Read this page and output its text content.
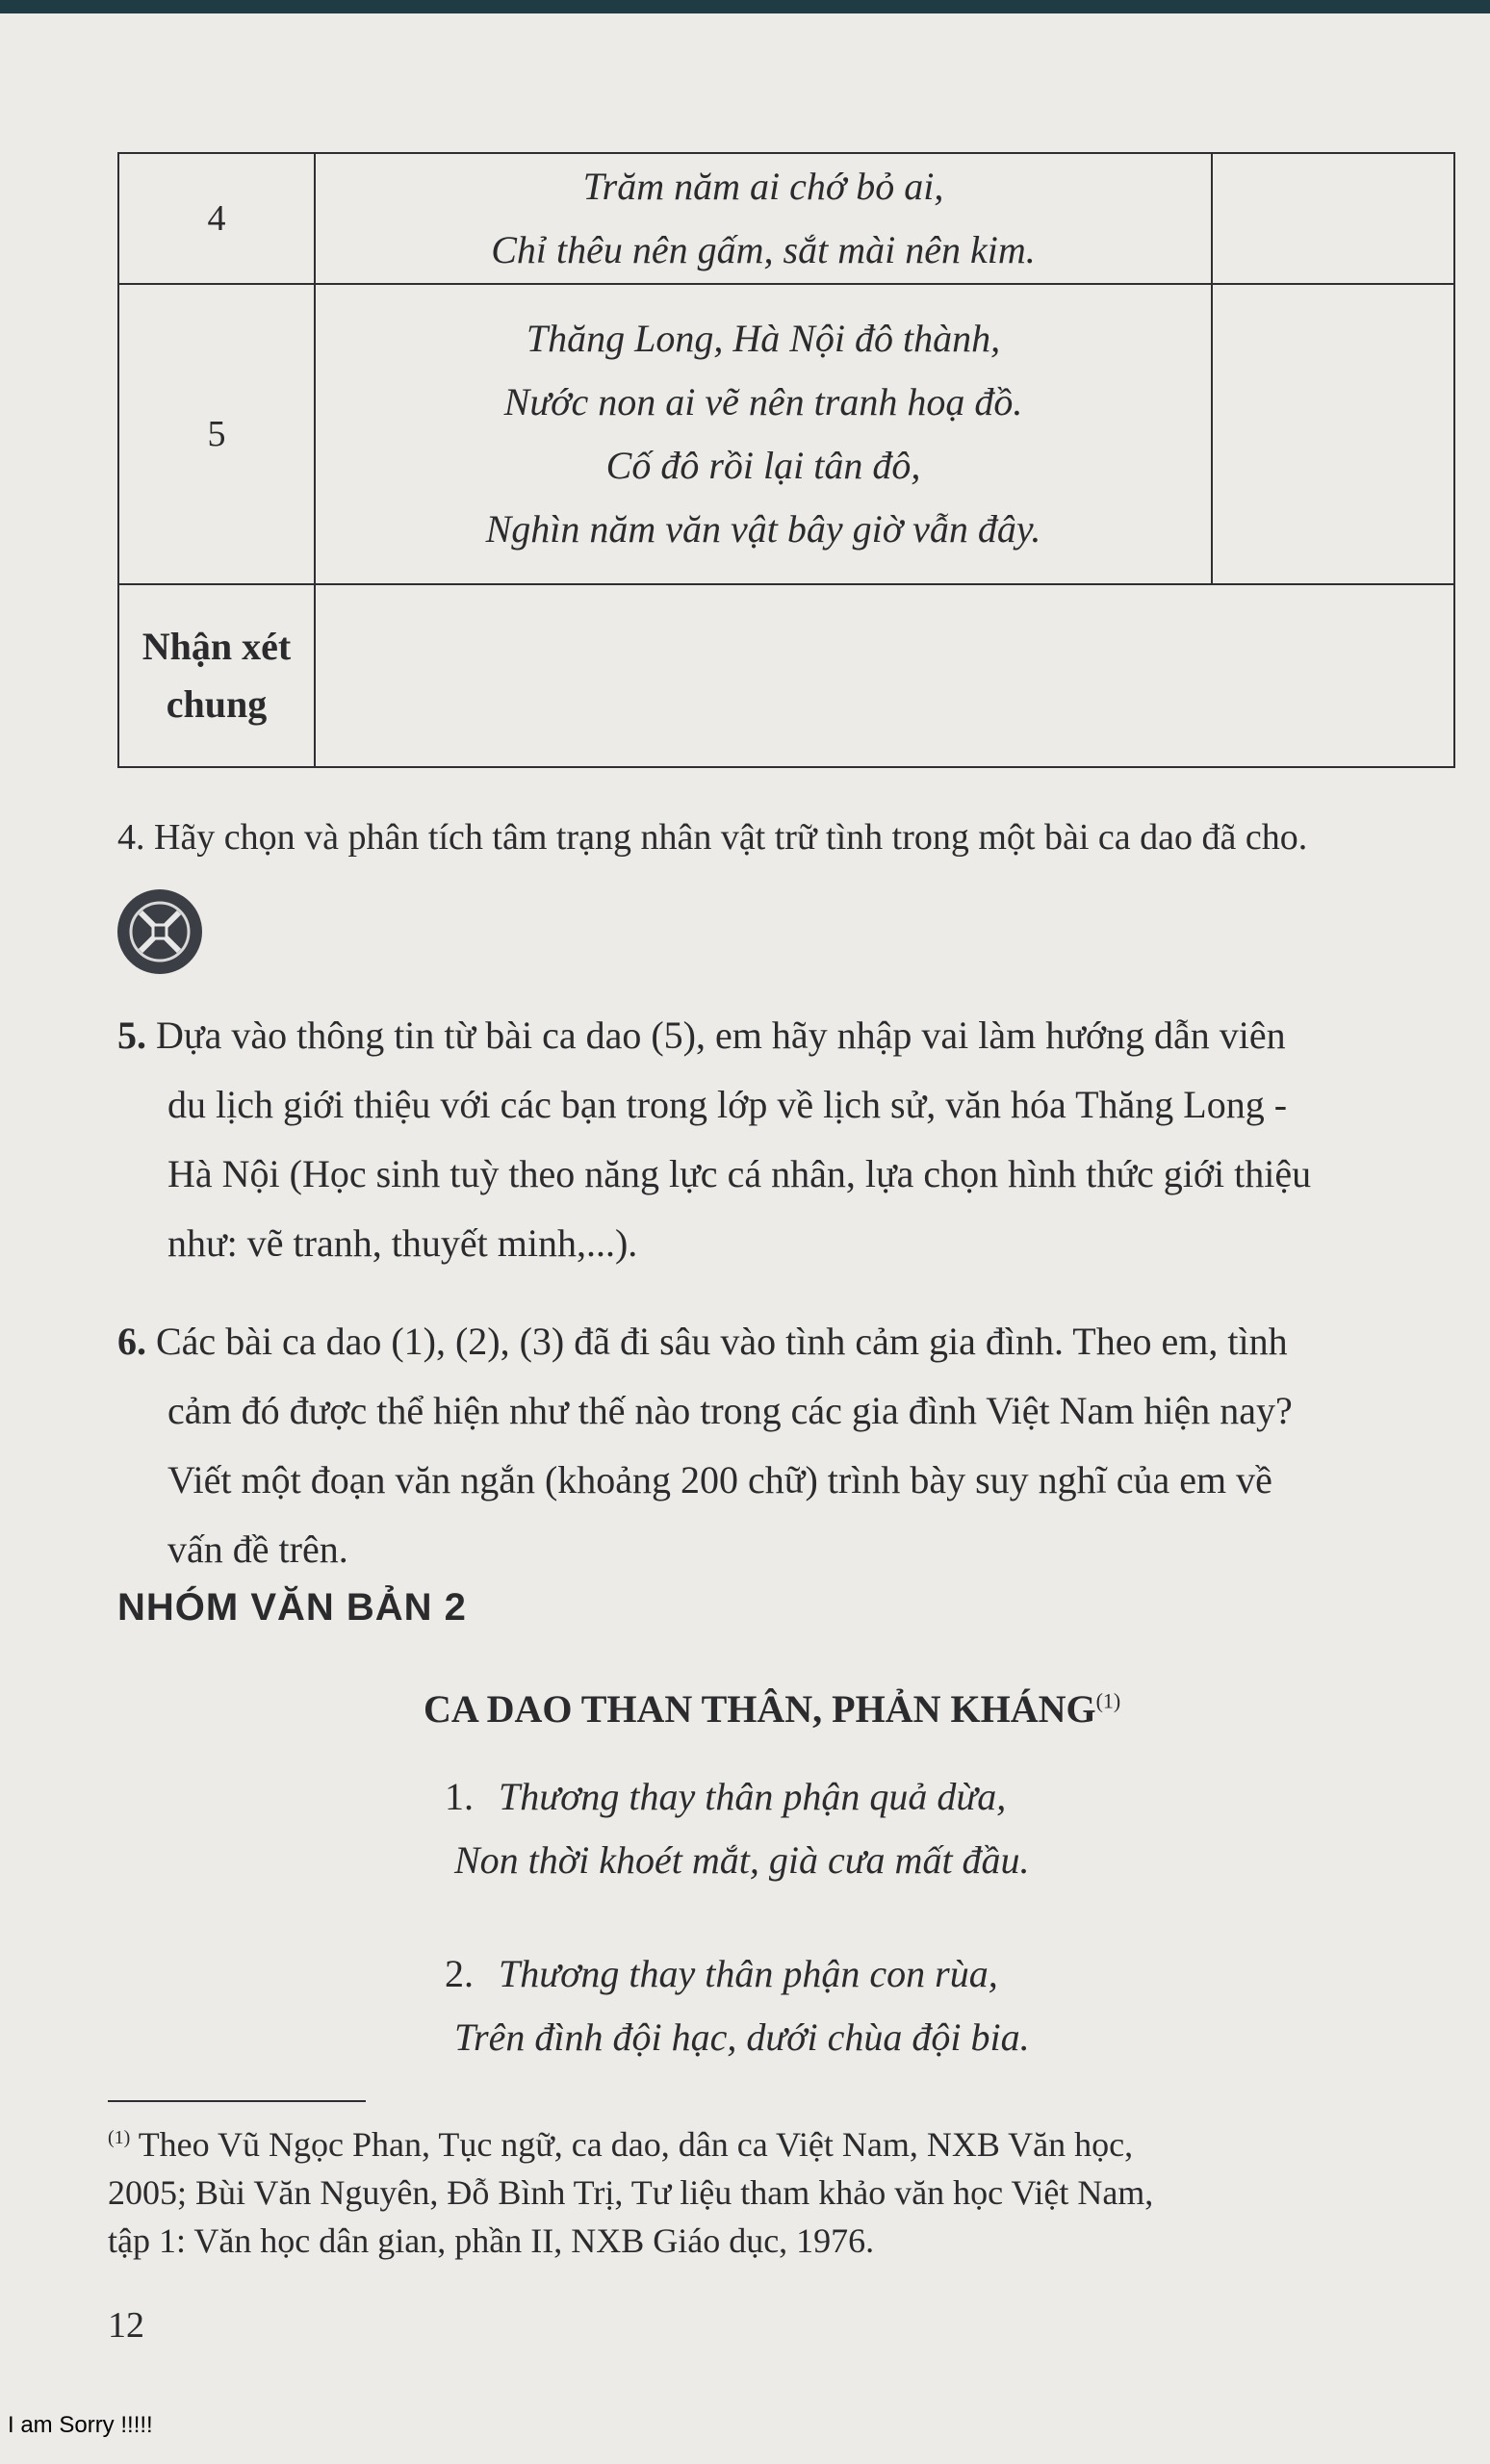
4	Trăm năm ai chớ bỏ ai,
Chỉ thêu nên gấm, sắt mài nên kim.	

5	Thăng Long, Hà Nội đô thành,
Nước non ai vẽ nên tranh hoạ đồ.
Cố đô rồi lại tân đô,
Nghìn năm văn vật bây giờ vẫn đây.	

Nhận xét
chung		

4. Hãy chọn và phân tích tâm trạng nhân vật trữ tình trong một bài ca dao đã cho.
5. Dựa vào thông tin từ bài ca dao (5), em hãy nhập vai làm hướng dẫn viên
du lịch giới thiệu với các bạn trong lớp về lịch sử, văn hóa Thăng Long -
Hà Nội (Học sinh tuỳ theo năng lực cá nhân, lựa chọn hình thức giới thiệu
như: vẽ tranh, thuyết minh,...).
6. Các bài ca dao (1), (2), (3) đã đi sâu vào tình cảm gia đình. Theo em, tình
cảm đó được thể hiện như thế nào trong các gia đình Việt Nam hiện nay?
Viết một đoạn văn ngắn (khoảng 200 chữ) trình bày suy nghĩ của em về
vấn đề trên.
NHÓM VĂN BẢN 2
CA DAO THAN THÂN, PHẢN KHÁNG$^{(1)}$
1. Thương thay thân phận quả dừa,
Non thời khoét mắt, già cưa mất đầu.
2. Thương thay thân phận con rùa,
Trên đình đội hạc, dưới chùa đội bia.
$^{(1)}$ Theo Vũ Ngọc Phan, Tục ngữ, ca dao, dân ca Việt Nam, NXB Văn học,
2005; Bùi Văn Nguyên, Đỗ Bình Trị, Tư liệu tham khảo văn học Việt Nam,
tập 1: Văn học dân gian, phần II, NXB Giáo dục, 1976.
12
I am Sorry !!!!!
